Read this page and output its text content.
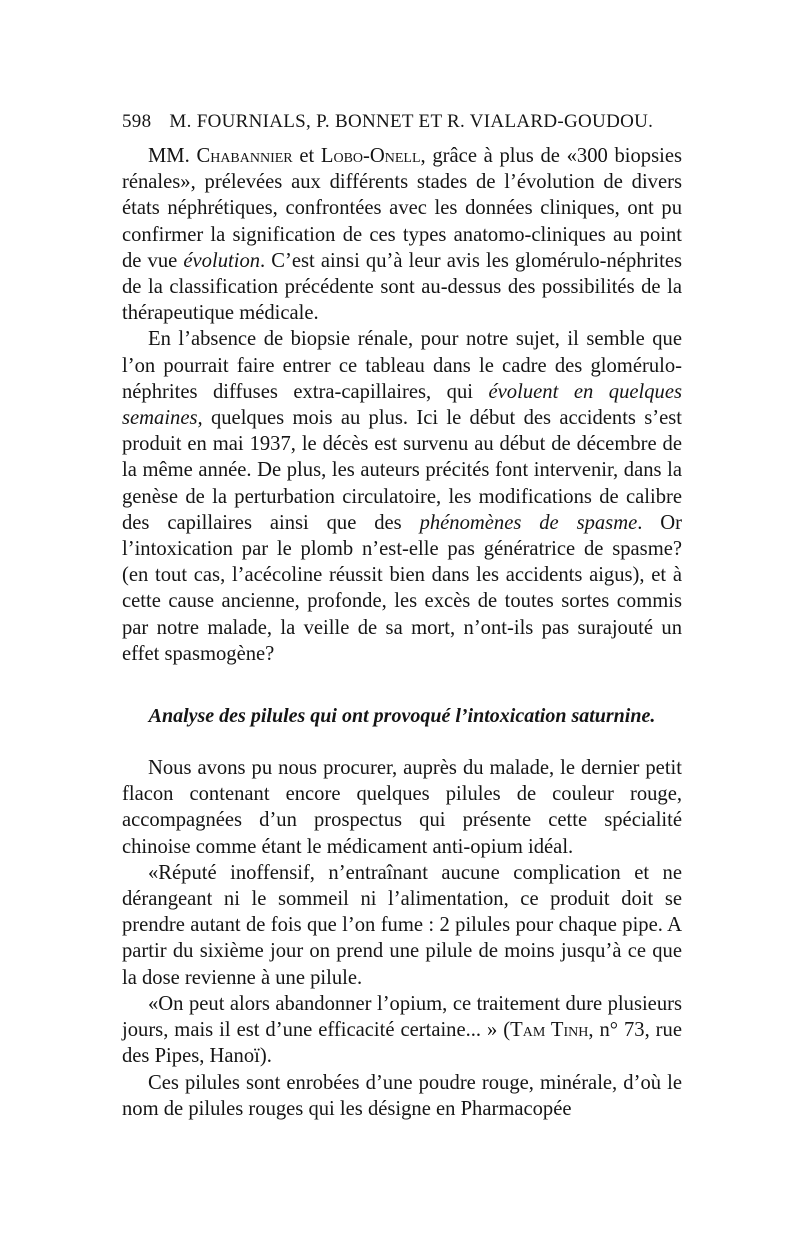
598 M. FOURNIALS, P. BONNET ET R. VIALARD-GOUDOU.

MM. Chabannier et Lobo-Onell, grâce à plus de «300 biopsies rénales», prélevées aux différents stades de l’évolution de divers états néphrétiques, confrontées avec les données cliniques, ont pu confirmer la signification de ces types anatomo-cliniques au point de vue évolution. C’est ainsi qu’à leur avis les glomérulo-néphrites de la classification précédente sont au-dessus des possibilités de la thérapeutique médicale.

En l’absence de biopsie rénale, pour notre sujet, il semble que l’on pourrait faire entrer ce tableau dans le cadre des glomérulo-néphrites diffuses extra-capillaires, qui évoluent en quelques semaines, quelques mois au plus. Ici le début des accidents s’est produit en mai 1937, le décès est survenu au début de décembre de la même année. De plus, les auteurs précités font intervenir, dans la genèse de la perturbation circulatoire, les modifications de calibre des capillaires ainsi que des phénomènes de spasme. Or l’intoxication par le plomb n’est-elle pas génératrice de spasme? (en tout cas, l’acécoline réussit bien dans les accidents aigus), et à cette cause ancienne, profonde, les excès de toutes sortes commis par notre malade, la veille de sa mort, n’ont-ils pas surajouté un effet spasmogène?

Analyse des pilules qui ont provoqué l’intoxication saturnine.

Nous avons pu nous procurer, auprès du malade, le dernier petit flacon contenant encore quelques pilules de couleur rouge, accompagnées d’un prospectus qui présente cette spécialité chinoise comme étant le médicament anti-opium idéal.

«Réputé inoffensif, n’entraînant aucune complication et ne dérangeant ni le sommeil ni l’alimentation, ce produit doit se prendre autant de fois que l’on fume : 2 pilules pour chaque pipe. A partir du sixième jour on prend une pilule de moins jusqu’à ce que la dose revienne à une pilule.

«On peut alors abandonner l’opium, ce traitement dure plusieurs jours, mais il est d’une efficacité certaine... » (Tam Tinh, n° 73, rue des Pipes, Hanoï).

Ces pilules sont enrobées d’une poudre rouge, minérale, d’où le nom de pilules rouges qui les désigne en Pharmacopée
